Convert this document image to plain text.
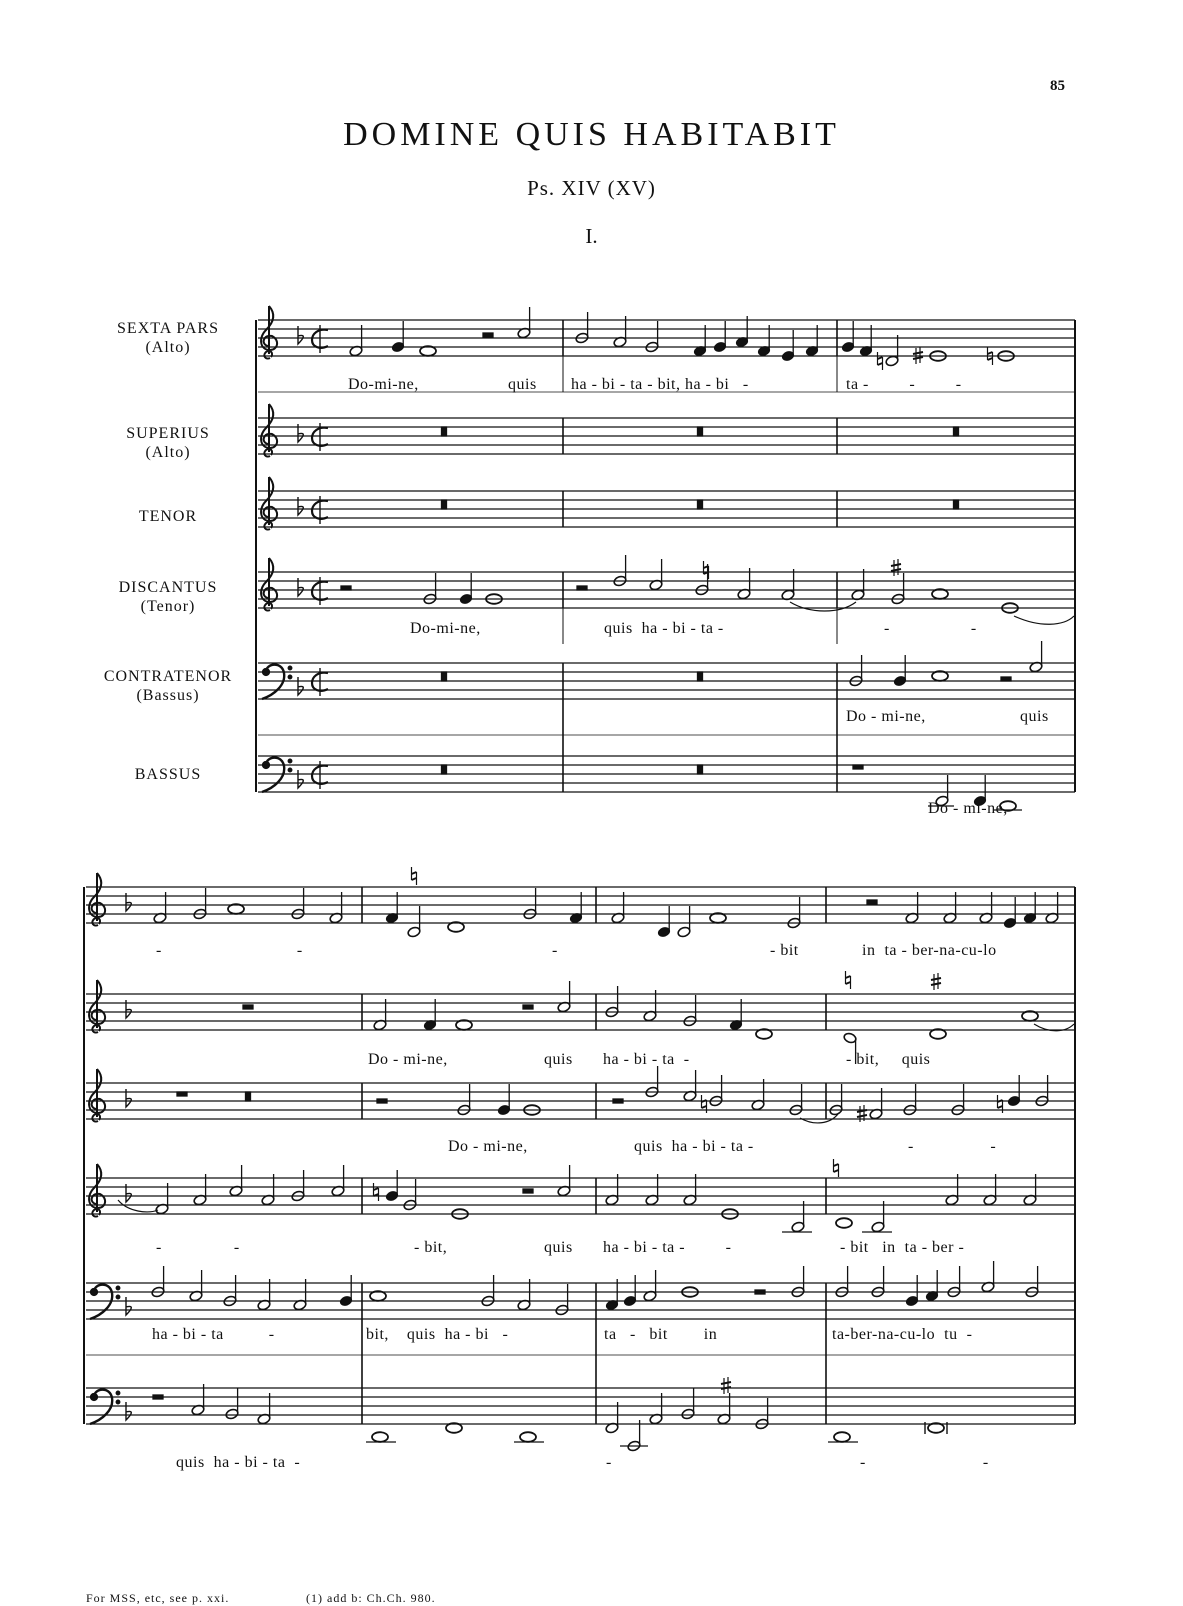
85
DOMINE QUIS HABITABIT
Ps. XIV (XV)
I.
SEXTA PARS
(Alto)
SUPERIUS
(Alto)
TENOR
DISCANTUS
(Tenor)
CONTRATENOR
(Bassus)
BASSUS
Do-mi-ne,	quis ha - bi - ta - bit, ha - bi   -	ta -         -         -
Do-mi-ne,	quis  ha - bi - ta -	-                  -
Do - mi-ne,	quis
Do - mi-ne,
-                              -	-	- bit	in  ta - ber-na-cu-lo
Do - mi-ne,	quis ha - bi - ta  -	- bit,     quis
Do - mi-ne,	quis  ha - bi - ta -	-                 -
-                -	- bit,	quis ha - bi - ta -         -	- bit   in  ta - ber -
ha - bi - ta          -	bit,    quis  ha - bi   -	ta   -   bit        in	ta-ber-na-cu-lo  tu  -
quis  ha - bi - ta  -	-	-                          -
For MSS, etc, see p. xxi.	(1) add b: Ch.Ch. 980.
